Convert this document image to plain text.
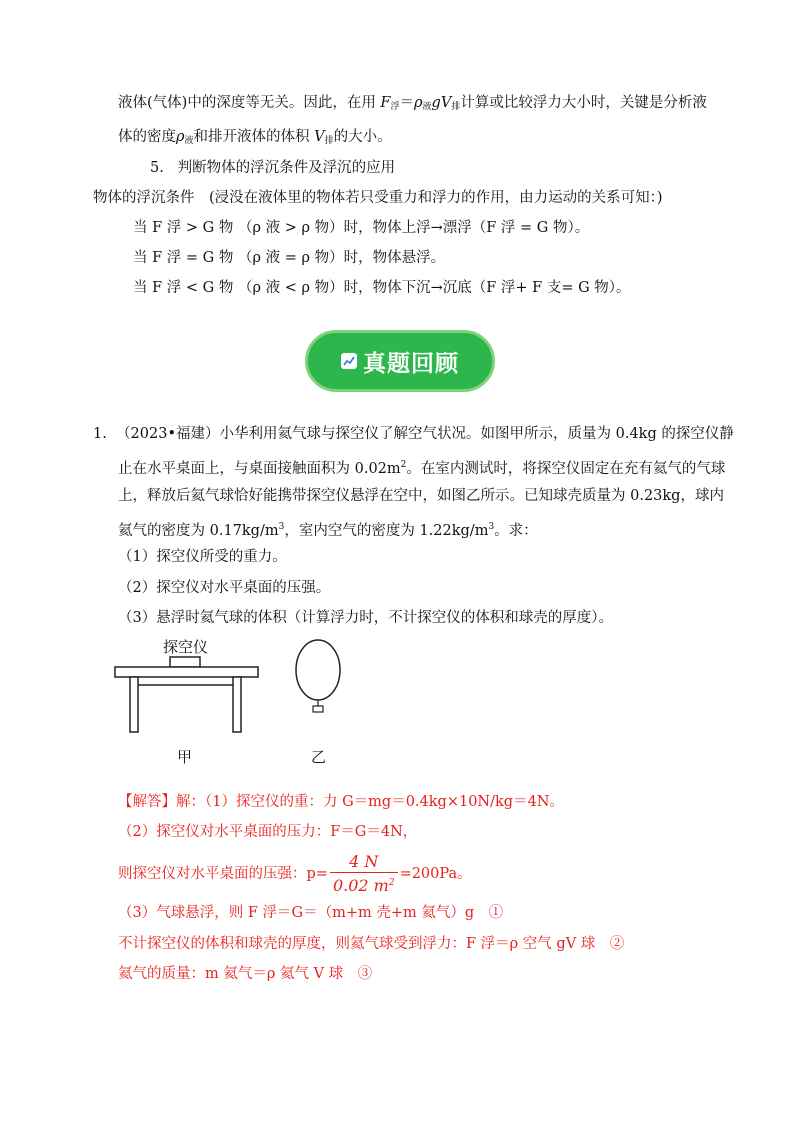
液体(气体)中的深度等无关。因此，在用 $F_浮=\rho_液gV_排$计算或比较浮力大小时，关键是分析液
体的密度$\rho_液$和排开液体的体积 $V_排$的大小。
5. 判断物体的浮沉条件及浮沉的应用
物体的浮沉条件　(浸没在液体里的物体若只受重力和浮力的作用，由力运动的关系可知：)
当 F 浮 > G 物 （ρ 液 > ρ 物）时，物体上浮→漂浮（F 浮 = G 物）。
当 F 浮 = G 物 （ρ 液 = ρ 物）时，物体悬浮。
当 F 浮 < G 物 （ρ 液 < ρ 物）时，物体下沉→沉底（F 浮+ F 支= G 物）。
真题回顾
1. （2023•福建）小华利用氦气球与探空仪了解空气状况。如图甲所示，质量为 0.4kg 的探空仪静
止在水平桌面上，与桌面接触面积为 $0.02m^2$。在室内测试时，将探空仪固定在充有氦气的气球
上，释放后氦气球恰好能携带探空仪悬浮在空中，如图乙所示。已知球壳质量为 0.23kg，球内
氦气的密度为 $0.17kg/m^3$，室内空气的密度为 $1.22kg/m^3$。求：
（1）探空仪所受的重力。
（2）探空仪对水平桌面的压强。
（3）悬浮时氦气球的体积（计算浮力时，不计探空仪的体积和球壳的厚度）。
探空仪
甲	乙
【解答】解：（1）探空仪的重：力 G＝mg＝0.4kg×10N/kg＝4N。
（2）探空仪对水平桌面的压力：F＝G＝4N，
则探空仪对水平桌面的压强：$p= \frac{4 N}{0.02 m^2} =200Pa$。
（3）气球悬浮，则 F 浮＝G＝（m+m 壳+m 氦气）g　①
不计探空仪的体积和球壳的厚度，则氦气球受到浮力：F 浮＝ρ 空气 gV 球　②
氦气的质量：m 氦气＝ρ 氦气 V 球　③
